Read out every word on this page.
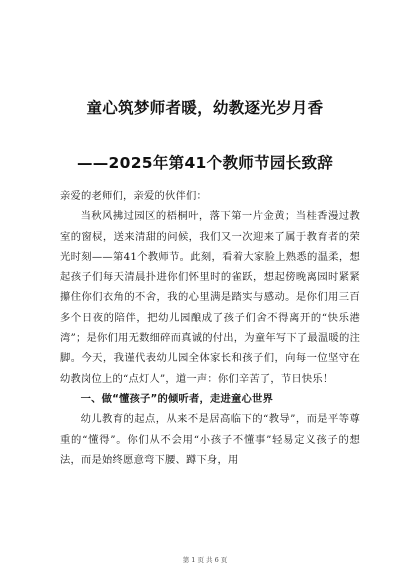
童心筑梦师者暖，幼教逐光岁月香
——2025年第41个教师节园长致辞

亲爱的老师们，亲爱的伙伴们：

当秋风拂过园区的梧桐叶，落下第一片金黄；当桂香漫过教室的窗棂，送来清甜的问候，我们又一次迎来了属于教育者的荣光时刻——第41个教师节。此刻，看着大家脸上熟悉的温柔，想起孩子们每天清晨扑进你们怀里时的雀跃，想起傍晚离园时紧紧攥住你们衣角的不舍，我的心里满是踏实与感动。是你们用三百多个日夜的陪伴，把幼儿园酿成了孩子们舍不得离开的“快乐港湾”；是你们用无数细碎而真诚的付出，为童年写下了最温暖的注脚。今天，我谨代表幼儿园全体家长和孩子们，向每一位坚守在幼教岗位上的“点灯人”，道一声：你们辛苦了，节日快乐！

一、做“懂孩子”的倾听者，走进童心世界

幼儿教育的起点，从来不是居高临下的“教导”，而是平等尊重的“懂得”。你们从不会用“小孩子不懂事”轻易定义孩子的想法，而是始终愿意弯下腰、蹲下身，用

第 1 页 共 6 页
